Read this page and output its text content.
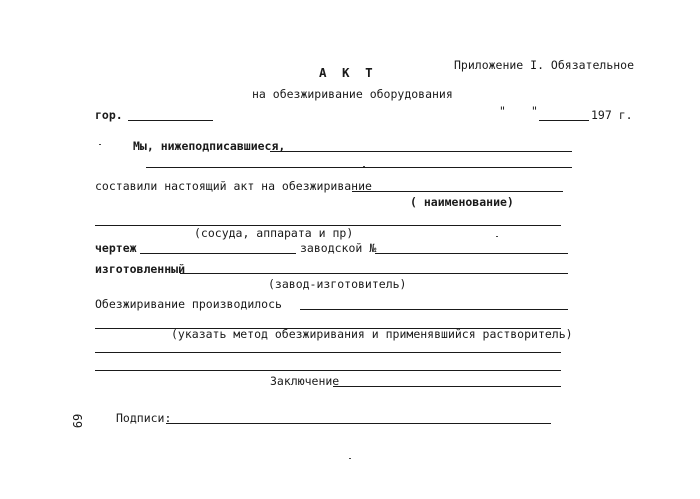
Приложение I. Обязательное
А К Т
на обезжиривание оборудования
гор.	" "	197 г.
Мы, нижеподписавшиеся,
составили настоящий акт на обезжиривание
( наименование)
(сосуда, аппарата и пр)
чертеж	заводской №
изготовленный
(завод-изготовитель)
Обезжиривание производилось
(указать метод обезжиривания и применявшийся растворитель)
Заключение
Подписи:
69
